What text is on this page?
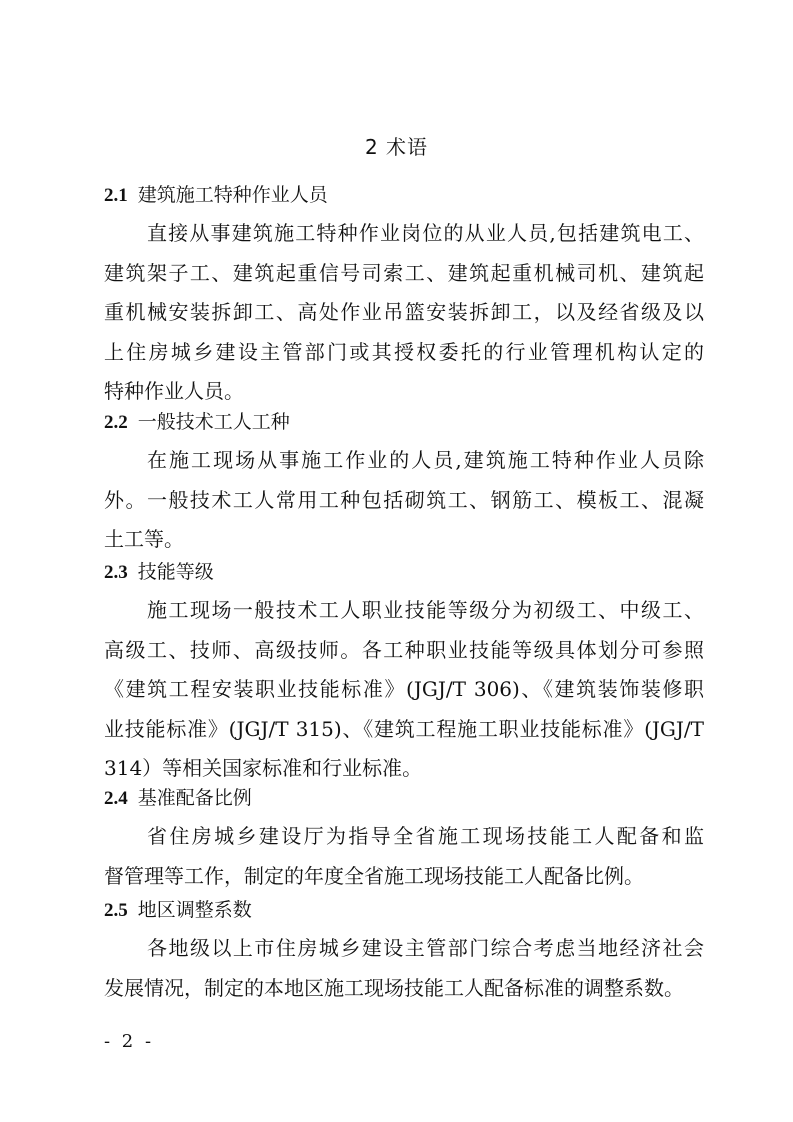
2 术语
2.1 建筑施工特种作业人员
直接从事建筑施工特种作业岗位的从业人员,包括建筑电工、
建筑架子工、建筑起重信号司索工、建筑起重机械司机、建筑起
重机械安装拆卸工、高处作业吊篮安装拆卸工，以及经省级及以
上住房城乡建设主管部门或其授权委托的行业管理机构认定的
特种作业人员。
2.2 一般技术工人工种
在施工现场从事施工作业的人员,建筑施工特种作业人员除
外。一般技术工人常用工种包括砌筑工、钢筋工、模板工、混凝
土工等。
2.3 技能等级
施工现场一般技术工人职业技能等级分为初级工、中级工、
高级工、技师、高级技师。各工种职业技能等级具体划分可参照
《建筑工程安装职业技能标准》(JGJ/T 306)、《建筑装饰装修职
业技能标准》(JGJ/T 315)、《建筑工程施工职业技能标准》(JGJ/T
314）等相关国家标准和行业标准。
2.4 基准配备比例
省住房城乡建设厅为指导全省施工现场技能工人配备和监
督管理等工作，制定的年度全省施工现场技能工人配备比例。
2.5 地区调整系数
各地级以上市住房城乡建设主管部门综合考虑当地经济社会
发展情况，制定的本地区施工现场技能工人配备标准的调整系数。
- 2 -
